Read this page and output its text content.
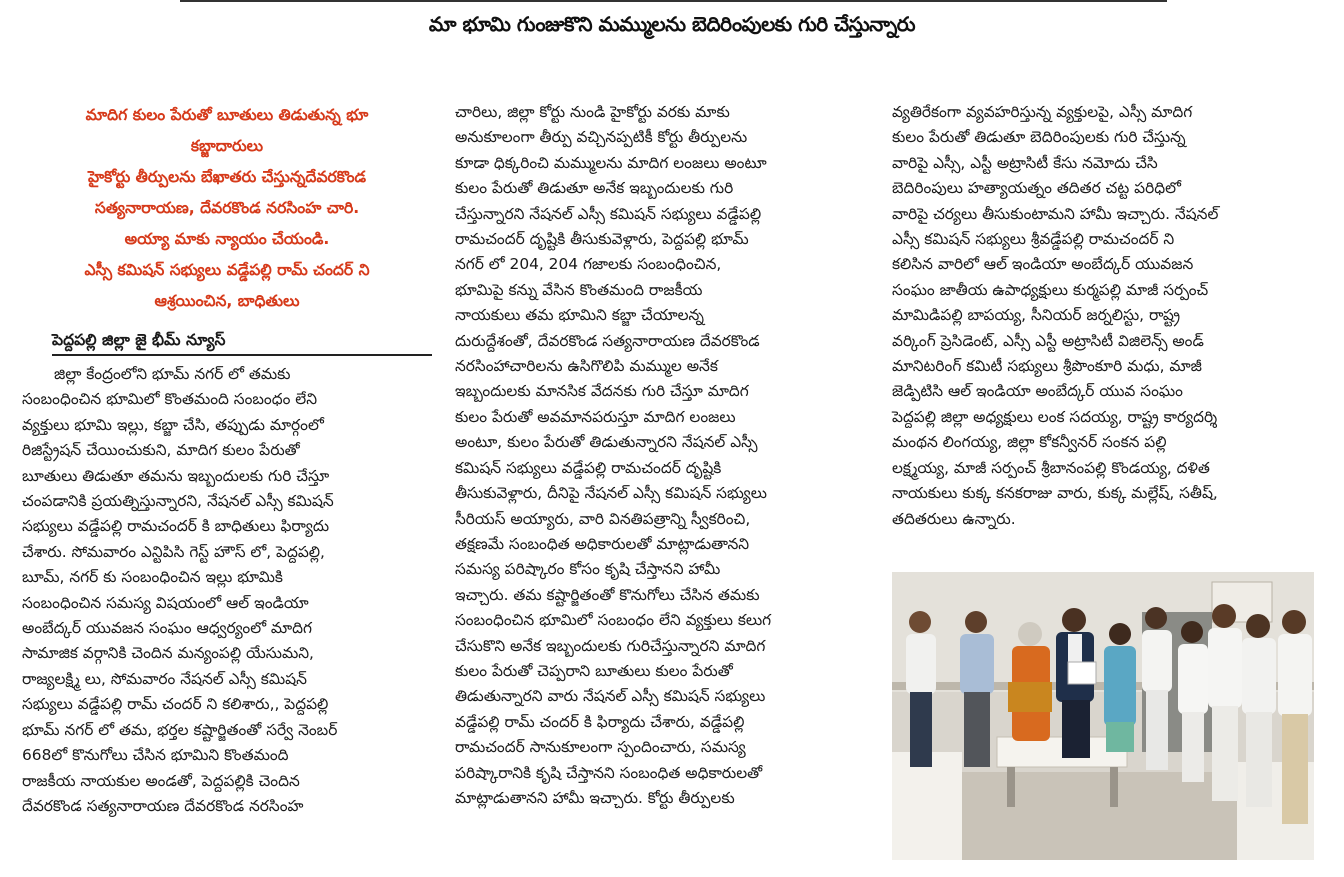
మా భూమి గుంజుకొని మమ్ములను బెదిరింపులకు గురి చేస్తున్నారు
మాదిగ కులం పేరుతో బూతులు తిడుతున్న భూ
కబ్జాదారులు
హైకోర్టు తీర్పులను బేఖాతరు చేస్తున్నదేవరకొండ
సత్యనారాయణ, దేవరకొండ నరసింహ చారి.
అయ్యా మాకు న్యాయం చేయండి.
ఎస్సీ కమిషన్ సభ్యులు వడ్డేపల్లి రామ్ చందర్ ని
ఆశ్రయించిన, బాధితులు
పెద్దపల్లి జిల్లా జై భీమ్ న్యూస్
జిల్లా కేంద్రంలోని భూమ్ నగర్ లో తమకు
సంబంధించిన భూమిలో కొంతమంది సంబంధం లేని
వ్యక్తులు భూమి ఇల్లు, కబ్జా చేసి, తప్పుడు మార్గంలో
రిజిస్ట్రేషన్ చేయించుకుని, మాదిగ కులం పేరుతో
బూతులు తిడుతూ తమను ఇబ్బందులకు గురి చేస్తూ
చంపడానికి ప్రయత్నిస్తున్నారని, నేషనల్ ఎస్సీ కమిషన్
సభ్యులు వడ్డేపల్లి రామచందర్ కి బాధితులు ఫిర్యాదు
చేశారు. సోమవారం ఎన్టిపిసి గెస్ట్ హౌస్ లో, పెద్దపల్లి,
బూమ్, నగర్ కు సంబంధించిన ఇల్లు భూమికి
సంబంధించిన సమస్య విషయంలో ఆల్ ఇండియా
అంబేద్కర్ యువజన సంఘం ఆధ్వర్యంలో మాదిగ
సామాజిక వర్గానికి చెందిన మన్యంపల్లి యేసుమని,
రాజ్యలక్ష్మి లు, సోమవారం నేషనల్ ఎస్సీ కమిషన్
సభ్యులు వడ్డేపల్లి రామ్ చందర్ ని కలిశారు,, పెద్దపల్లి
భూమ్ నగర్ లో తమ, భర్తల కష్టార్జితంతో సర్వే నెంబర్
668లో కొనుగోలు చేసిన భూమిని కొంతమంది
రాజకీయ నాయకుల అండతో, పెద్దపల్లికి చెందిన
దేవరకొండ సత్యనారాయణ దేవరకొండ నరసింహ
చారిలు, జిల్లా కోర్టు నుండి హైకోర్టు వరకు మాకు
అనుకూలంగా తీర్పు వచ్చినప్పటికీ కోర్టు తీర్పులను
కూడా ధిక్కరించి మమ్ములను మాదిగ లంజలు అంటూ
కులం పేరుతో తిడుతూ అనేక ఇబ్బందులకు గురి
చేస్తున్నారని నేషనల్ ఎస్సీ కమిషన్ సభ్యులు వడ్డేపల్లి
రామచందర్ దృష్టికి తీసుకువెళ్లారు, పెద్దపల్లి భూమ్
నగర్ లో 204, 204 గజాలకు సంబంధించిన,
భూమిపై కన్ను వేసిన కొంతమంది రాజకీయ
నాయకులు తమ భూమిని కబ్జా చేయాలన్న
దురుద్దేశంతో, దేవరకొండ సత్యనారాయణ దేవరకొండ
నరసింహాచారిలను ఉసిగొలిపి మమ్ముల అనేక
ఇబ్బందులకు మానసిక వేదనకు గురి చేస్తూ మాదిగ
కులం పేరుతో అవమానపరుస్తూ మాదిగ లంజలు
అంటూ, కులం పేరుతో తిడుతున్నారని నేషనల్ ఎస్సీ
కమిషన్ సభ్యులు వడ్డేపల్లి రామచందర్ దృష్టికి
తీసుకువెళ్లారు, దీనిపై నేషనల్ ఎస్సీ కమిషన్ సభ్యులు
సీరియస్ అయ్యారు, వారి వినతిపత్రాన్ని స్వీకరించి,
తక్షణమే సంబంధిత అధికారులతో మాట్లాడుతానని
సమస్య పరిష్కారం కోసం కృషి చేస్తానని హామీ
ఇచ్చారు. తమ కష్టార్జితంతో కొనుగోలు చేసిన తమకు
సంబంధించిన భూమిలో సంబంధం లేని వ్యక్తులు కలుగ
చేసుకొని అనేక ఇబ్బందులకు గురిచేస్తున్నారని మాదిగ
కులం పేరుతో చెప్పరాని బూతులు కులం పేరుతో
తిడుతున్నారని వారు నేషనల్ ఎస్సీ కమిషన్ సభ్యులు
వడ్డేపల్లి రామ్ చందర్ కి ఫిర్యాదు చేశారు, వడ్డేపల్లి
రామచందర్ సానుకూలంగా స్పందించారు, సమస్య
పరిష్కారానికి కృషి చేస్తానని సంబంధిత అధికారులతో
మాట్లాడుతానని హామీ ఇచ్చారు. కోర్టు తీర్పులకు
వ్యతిరేకంగా వ్యవహరిస్తున్న వ్యక్తులపై, ఎస్సీ మాదిగ
కులం పేరుతో తిడుతూ బెదిరింపులకు గురి చేస్తున్న
వారిపై ఎస్సీ, ఎస్టీ అట్రాసిటీ కేసు నమోదు చేసి
బెదిరింపులు హత్యాయత్నం తదితర చట్ట పరిధిలో
వారిపై చర్యలు తీసుకుంటామని హామీ ఇచ్చారు. నేషనల్
ఎస్సీ కమిషన్ సభ్యులు శ్రీవడ్డేపల్లి రామచందర్ ని
కలిసిన వారిలో ఆల్ ఇండియా అంబేద్కర్ యువజన
సంఘం జాతీయ ఉపాధ్యక్షులు కుర్మపల్లి మాజీ సర్పంచ్
మామిడిపల్లి బాపయ్య, సీనియర్ జర్నలిస్టు, రాష్ట్ర
వర్కింగ్ ప్రెసిడెంట్, ఎస్సీ ఎస్టీ అట్రాసిటీ విజిలెన్స్ అండ్
మానిటరింగ్ కమిటీ సభ్యులు శ్రీపొంకూరి మధు, మాజీ
జెడ్పిటిసి ఆల్ ఇండియా అంబేద్కర్ యువ సంఘం
పెద్దపల్లి జిల్లా అధ్యక్షులు లంక సదయ్య, రాష్ట్ర కార్యదర్శి
మంథన లింగయ్య, జిల్లా కోకన్వీనర్ సంకన పల్లి
లక్ష్మయ్య, మాజీ సర్పంచ్ శ్రీబానంపల్లి కొండయ్య, దళిత
నాయకులు కుక్క కనకరాజు వారు, కుక్క మల్లేష్, సతీష్,
తదితరులు ఉన్నారు.
